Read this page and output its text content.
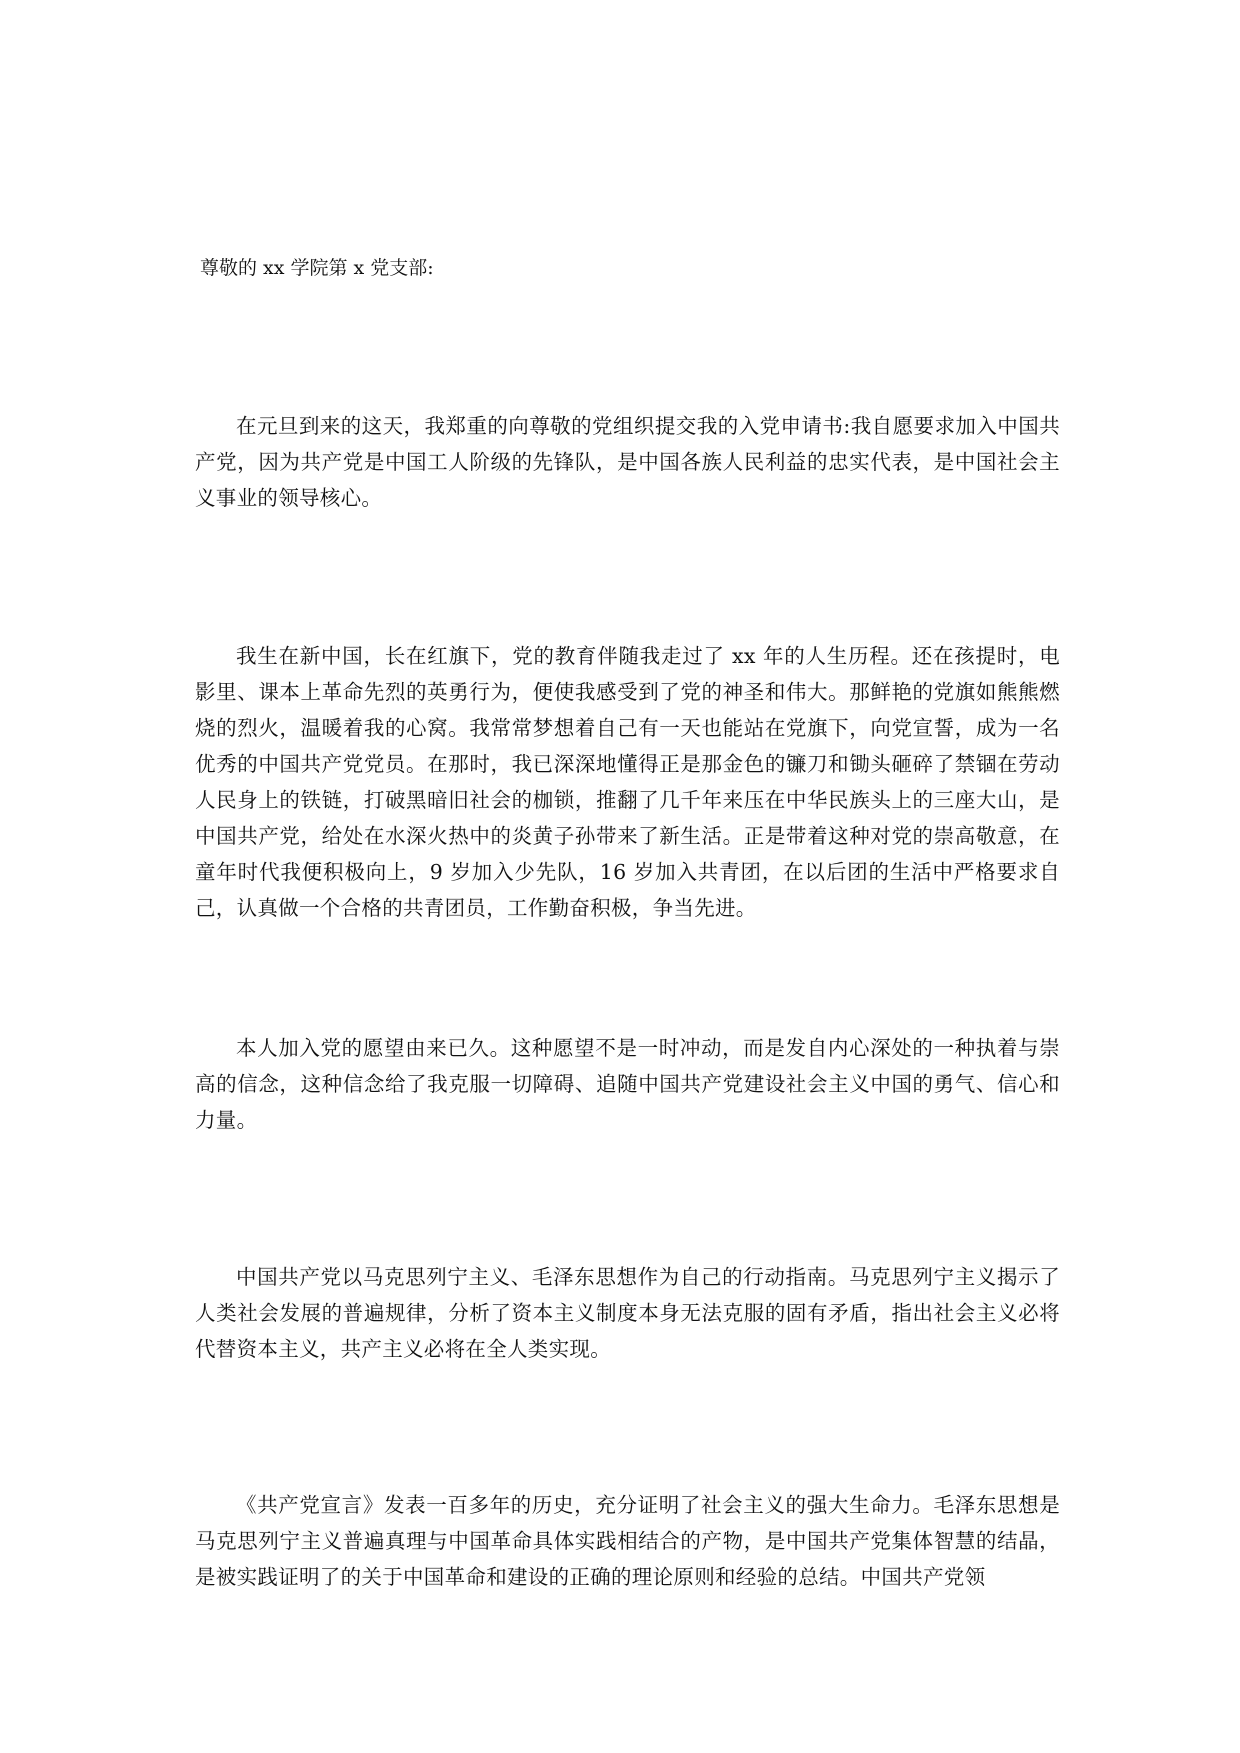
尊敬的 xx 学院第 x 党支部:

在元旦到来的这天，我郑重的向尊敬的党组织提交我的入党申请书:我自愿要求加入中国共产党，因为共产党是中国工人阶级的先锋队，是中国各族人民利益的忠实代表，是中国社会主义事业的领导核心。

我生在新中国，长在红旗下，党的教育伴随我走过了 xx 年的人生历程。还在孩提时，电影里、课本上革命先烈的英勇行为，便使我感受到了党的神圣和伟大。那鲜艳的党旗如熊熊燃烧的烈火，温暖着我的心窝。我常常梦想着自己有一天也能站在党旗下，向党宣誓，成为一名优秀的中国共产党党员。在那时，我已深深地懂得正是那金色的镰刀和锄头砸碎了禁锢在劳动人民身上的铁链，打破黑暗旧社会的枷锁，推翻了几千年来压在中华民族头上的三座大山，是中国共产党，给处在水深火热中的炎黄子孙带来了新生活。正是带着这种对党的崇高敬意，在童年时代我便积极向上，9 岁加入少先队，16 岁加入共青团，在以后团的生活中严格要求自己，认真做一个合格的共青团员，工作勤奋积极，争当先进。

本人加入党的愿望由来已久。这种愿望不是一时冲动，而是发自内心深处的一种执着与崇高的信念，这种信念给了我克服一切障碍、追随中国共产党建设社会主义中国的勇气、信心和力量。

中国共产党以马克思列宁主义、毛泽东思想作为自己的行动指南。马克思列宁主义揭示了人类社会发展的普遍规律，分析了资本主义制度本身无法克服的固有矛盾，指出社会主义必将代替资本主义，共产主义必将在全人类实现。

《共产党宣言》发表一百多年的历史，充分证明了社会主义的强大生命力。毛泽东思想是马克思列宁主义普遍真理与中国革命具体实践相结合的产物，是中国共产党集体智慧的结晶，是被实践证明了的关于中国革命和建设的正确的理论原则和经验的总结。中国共产党领
